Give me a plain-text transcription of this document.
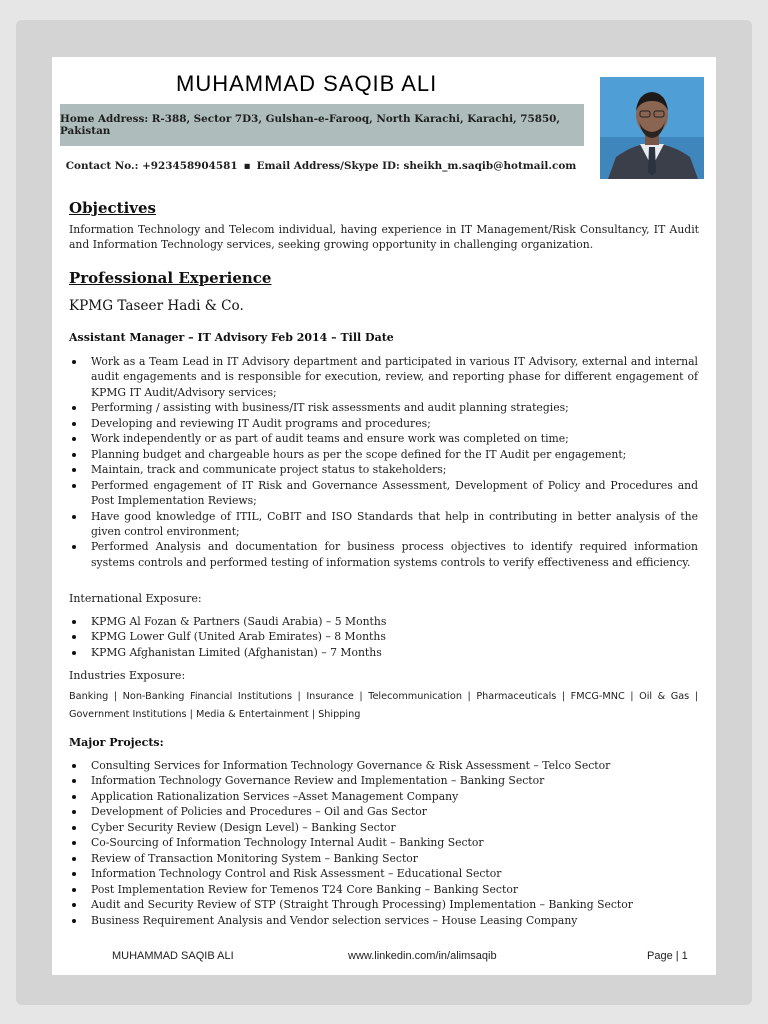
MUHAMMAD SAQIB ALI
Home Address: R-388, Sector 7D3, Gulshan-e-Farooq, North Karachi, Karachi, 75850, Pakistan
Contact No.: +923458904581 ▪ Email Address/Skype ID: sheikh_m.saqib@hotmail.com
Objectives
Information Technology and Telecom individual, having experience in IT Management/Risk Consultancy, IT Audit and Information Technology services, seeking growing opportunity in challenging organization.
Professional Experience
KPMG Taseer Hadi & Co.
Assistant Manager – IT Advisory Feb 2014 – Till Date
Work as a Team Lead in IT Advisory department and participated in various IT Advisory, external and internal audit engagements and is responsible for execution, review, and reporting phase for different engagement of KPMG IT Audit/Advisory services;
Performing / assisting with business/IT risk assessments and audit planning strategies;
Developing and reviewing IT Audit programs and procedures;
Work independently or as part of audit teams and ensure work was completed on time;
Planning budget and chargeable hours as per the scope defined for the IT Audit per engagement;
Maintain, track and communicate project status to stakeholders;
Performed engagement of IT Risk and Governance Assessment, Development of Policy and Procedures and Post Implementation Reviews;
Have good knowledge of ITIL, CoBIT and ISO Standards that help in contributing in better analysis of the given control environment;
Performed Analysis and documentation for business process objectives to identify required information systems controls and performed testing of information systems controls to verify effectiveness and efficiency.
International Exposure:
KPMG Al Fozan & Partners (Saudi Arabia) – 5 Months
KPMG Lower Gulf (United Arab Emirates) – 8 Months
KPMG Afghanistan Limited (Afghanistan) – 7 Months
Industries Exposure:
Banking | Non-Banking Financial Institutions | Insurance | Telecommunication | Pharmaceuticals | FMCG-MNC | Oil & Gas | Government Institutions | Media & Entertainment | Shipping
Major Projects:
Consulting Services for Information Technology Governance & Risk Assessment – Telco Sector
Information Technology Governance Review and Implementation – Banking Sector
Application Rationalization Services –Asset Management Company
Development of Policies and Procedures – Oil and Gas Sector
Cyber Security Review (Design Level) – Banking Sector
Co-Sourcing of Information Technology Internal Audit – Banking Sector
Review of Transaction Monitoring System – Banking Sector
Information Technology Control and Risk Assessment – Educational Sector
Post Implementation Review for Temenos T24 Core Banking – Banking Sector
Audit and Security Review of STP (Straight Through Processing) Implementation – Banking Sector
Business Requirement Analysis and Vendor selection services – House Leasing Company
MUHAMMAD SAQIB ALI	www.linkedin.com/in/alimsaqib	Page | 1
